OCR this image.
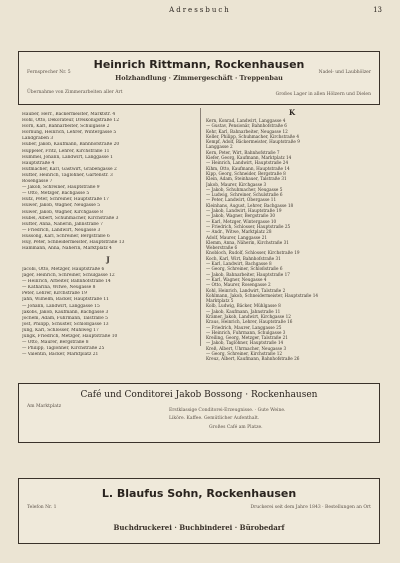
Adressbuch	13
Heinrich Rittmann, Rockenhausen
Holzhandlung · Zimmergeschäft · Treppenbau
Fernsprecher Nr. 5	Nadel- und Laubhölzer
Übernahme von Zimmerarbeiten aller Art	Großes Lager in allen Hölzern und Dielen
Hauber, Herr., Bäckermeister, Marktstr. 4
Hohl, Otto, Dekorateur, Dreikönigstraße 12
Horn, Karl, Bahnarbeiter, Schulgasse 2
Hornung, Heinrich, Lehrer, Wintergasse 5
Landgraben 3
Huber, Jakob, Kaufmann, Bahnhofstraße 20
Hüppeler, Fritz, Lehrer, Kirchstraße 11
Hummel, Johann, Landwirt, Langgasse 1
Hauptstraße 4
Hutmacher, Karl, Gastwirt, Grabengasse 2
Hutter, Heinrich, Taglöhner, Gartenstr. 3
Rosengasse 7
— Jakob, Schreiner, Hauptstraße 9
— Otto, Metzger, Bachgasse 5
Hutz, Peter, Schreiner, Hauptstraße 17
Huwer, Jakob, Wagner, Neugasse 5
Huwer, Jakob, Wagner, Kirchgasse 8
Hübel, Albert, Schuhmacher, Kirchstraße 3
Hütter, Anna, Näherin, Jahnstraße 7
— Friedrich, Landwirt, Neugasse 3
Hussong, Karl, Schreiner, Bergstraße 6
Huy, Peter, Schneidermeister, Hauptstraße 13
Hammann, Anna, Näherin, Marktplatz 4
J
Jacobi, Otto, Metzger, Hauptstraße 6
Jäger, Heinrich, Schreiner, Schulgasse 12
— Heinrich, Arbeiter, Bahnhofstraße 14
— Katharina, Witwe, Neugasse 8
Peter, Lehrer, Kirchstraße 19
Jahn, Wilhelm, Bäcker, Hauptstraße 11
— Johann, Landwirt, Langgasse 15
Jakobs, Jakob, Kaufmann, Bachgasse 3
Jochem, Adam, Fuhrmann, Talstraße 5
Jost, Philipp, Schuster, Schloßgasse 13
Jung, Karl, Schlosser, Mühlweg 17
Jungk, Friedrich, Metzger, Hauptstraße 10
— Otto, Maurer, Bergstraße 8
— Philipp, Taglöhner, Kirchstraße 25
— Valentin, Bäcker, Marktplatz 21
K
Kern, Konrad, Landwirt, Langgasse 4
— Gustav, Pensionär, Bahnhofstraße 6
Kehr, Karl, Bahnarbeiter, Neugasse 12
Keller, Philipp, Schuhmacher, Kirchstraße 4
Kempf, Adolf, Bäckermeister, Hauptstraße 9
Langgasse 2
Kern, Peter, Wirt, Bahnhofstraße 7
Kiefer, Georg, Kaufmann, Marktplatz 14
— Heinrich, Landwirt, Hauptstraße 24
Kihm, Otto, Kaufmann, Hauptstraße 14
Kipp, Georg, Schneider, Bergstraße 8
Klein, Adam, Steinhauer, Talstraße 31
Jakob, Maurer, Kirchgasse 3
— Jakob, Schuhmacher, Neugasse 5
— Ludwig, Schreiner, Schulstraße 6
— Peter, Landwirt, Obergasse 11
Kleinhans, August, Lehrer, Bachgasse 18
— Jakob, Landwirt, Hauptstraße 19
— Jakob, Wagner, Bergstraße 30
— Karl, Metzger, Wintergasse 10
— Friedrich, Schlosser, Hauptstraße 25
— Andr., Witwe, Marktplatz 28
Adolf, Maurer, Langgasse 21
Klemm, Anna, Näherin, Kirchstraße 31
Weberstraße 6
Knobloch, Rudolf, Schlosser, Kirchstraße 19
Koch, Karl, Wirt, Bahnhofstraße 31
— Karl, Landwirt, Bachgasse 8
— Georg, Schreiner, Schloßstraße 6
— Jakob, Bahnarbeiter, Hauptstraße 17
— Karl, Wagner, Neugasse 4
— Otto, Maurer, Rosengasse 2
Kohl, Heinrich, Landwirt, Talstraße 2
Kohlmann, Jakob, Schneidermeister, Hauptstraße 14
Marktplatz 5
Kolb, Ludwig, Bäcker, Mühlgasse 8
— Jakob, Kaufmann, Jahnstraße 11
Krämer, Jakob, Landwirt, Kirchgasse 12
Kraus, Heinrich, Lehrer, Hauptstraße 16
— Friedrich, Maurer, Langgasse 25
— Heinrich, Fuhrmann, Schulgasse 3
Kreiling, Georg, Metzger, Talstraße 21
— Jakob, Taglöhner, Hauptstraße 14
Kreß, Albert, Uhrmacher, Neugasse 3
— Georg, Schreiner, Kirchstraße 12
Kreuz, Albert, Kaufmann, Bahnhofstraße 26
Café und Conditorei Jakob Bossong · Rockenhausen
Am Marktplatz
Erstklassige Conditorei-Erzeugnisse. · Gute Weine.
Liköre. Kaffee. Gemütlicher Aufenthalt.
Großes Café am Platze.
L. Blaufus Sohn, Rockenhausen
Telefon Nr. 1	Druckerei seit dem Jahre 1843 · Bestellungen an Ort
Buchdruckerei · Buchbinderei · Bürobedarf
